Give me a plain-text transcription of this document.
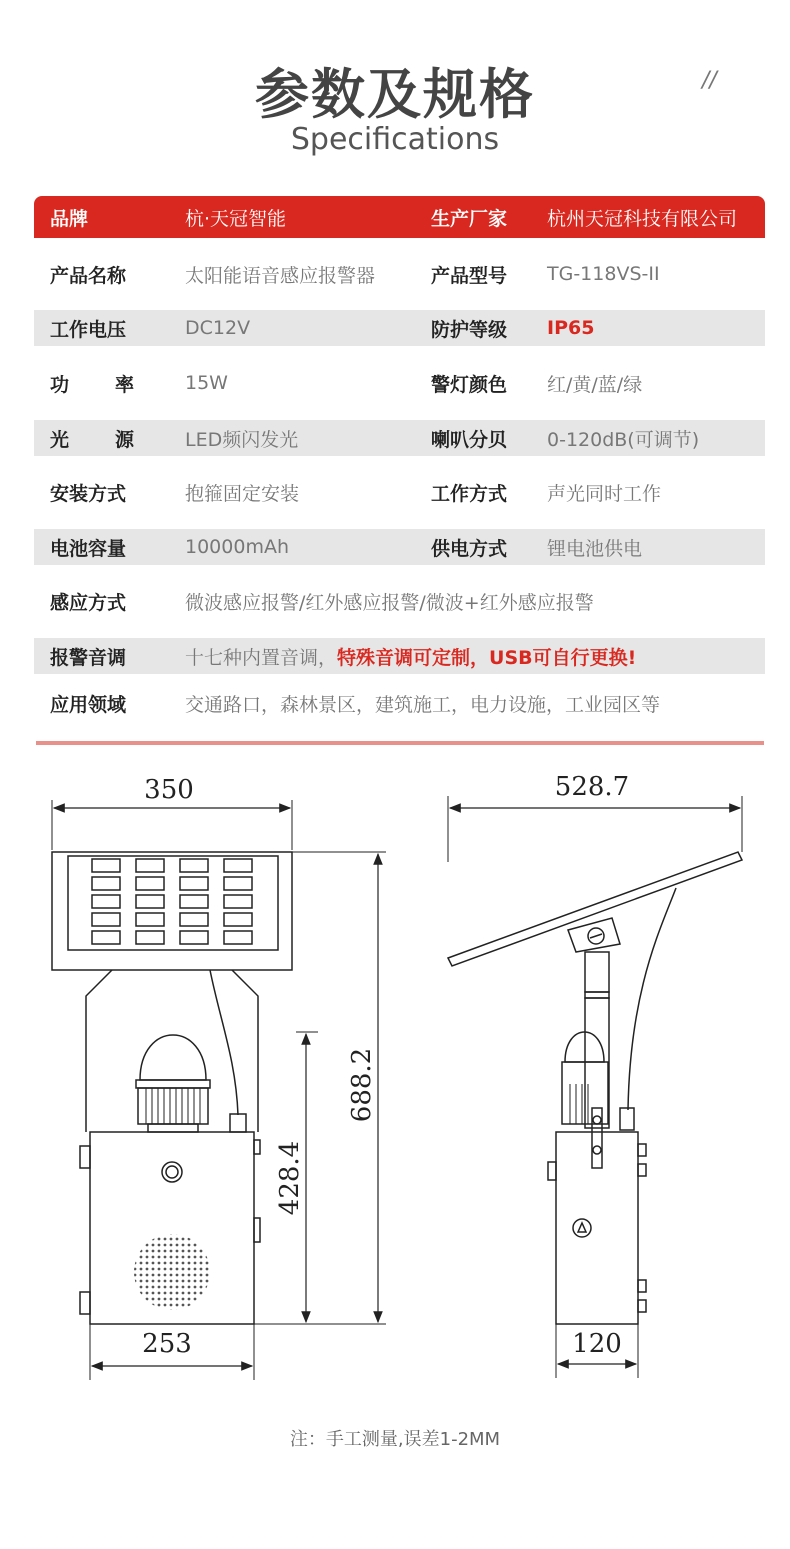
参数及规格
Specifications
//
品牌	杭·天冠智能	生产厂家 杭州天冠科技有限公司
产品名称	太阳能语音感应报警器	产品型号 TG-118VS-II
工作电压	DC12V	防护等级 IP65
功 率	15W	警灯颜色 红/黄/蓝/绿
光 源	LED频闪发光	喇叭分贝 0-120dB(可调节)
安装方式	抱箍固定安装	工作方式 声光同时工作
电池容量	10000mAh	供电方式 锂电池供电
感应方式	微波感应报警/红外感应报警/微波+红外感应报警
报警音调	十七种内置音调， 特殊音调可定制，USB可自行更换!
应用领域	交通路口，森林景区，建筑施工，电力设施，工业园区等
350
253
428.4
688.2
528.7
120
注：手工测量,误差1-2MM
